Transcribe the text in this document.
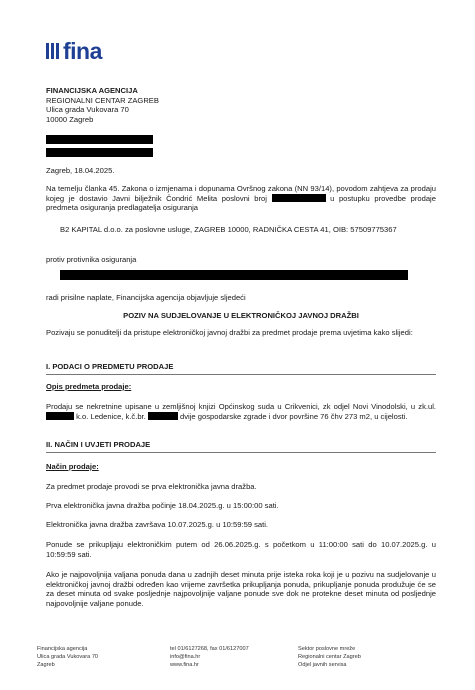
fina
FINANCIJSKA AGENCIJA
REGIONALNI CENTAR ZAGREB
Ulica grada Vukovara 70
10000 Zagreb
Zagreb, 18.04.2025.
Na temelju članka 45. Zakona o izmjenama i dopunama Ovršnog zakona (NN 93/14), povodom zahtjeva za prodaju kojeg je dostavio Javni bilježnik Čondrić Melita poslovni broj	u postupku provedbe prodaje predmeta osiguranja predlagatelja osiguranja
B2 KAPITAL d.o.o. za poslovne usluge, ZAGREB 10000, RADNIČKA CESTA 41, OIB: 57509775367
protiv protivnika osiguranja
radi prisilne naplate, Financijska agencija objavljuje sljedeći
POZIV NA SUDJELOVANJE U ELEKTRONIČKOJ JAVNOJ DRAŽBI
Pozivaju se ponuditelji da pristupe elektroničkoj javnoj dražbi za predmet prodaje prema uvjetima kako slijedi:
I. PODACI O PREDMETU PRODAJE
Opis predmeta prodaje:
Prodaju se nekretnine upisane u zemljišnoj knjizi Općinskog suda u Crikvenici, zk odjel Novi Vinodolski, u zk.ul.  k.o. Ledenice, k.č.br.	dvije gospodarske zgrade i dvor površine 76 čhv 273 m2, u cijelosti.
II. NAČIN I UVJETI PRODAJE
Način prodaje:
Za predmet prodaje provodi se prva elektronička javna dražba.
Prva elektronička javna dražba počinje 18.04.2025.g. u 15:00:00 sati.
Elektronička javna dražba završava 10.07.2025.g. u 10:59:59 sati.
Ponude se prikupljaju elektroničkim putem od 26.06.2025.g. s početkom u 11:00:00 sati do 10.07.2025.g. u 10:59:59 sati.
Ako je najpovoljnija valjana ponuda dana u zadnjih deset minuta prije isteka roka koji je u pozivu na sudjelovanje u elektroničkoj javnoj dražbi određen kao vrijeme završetka prikupljanja ponuda, prikupljanje ponuda produžuje će se za deset minuta od svake posljednje najpovoljnije valjane ponude sve dok ne protekne deset minuta od posljednje najpovoljnije valjane ponude.
Financijska agencija
Ulica grada Vukovara 70
Zagreb
tel 01/6127268, fax 01/6127007
info@fina.hr
www.fina.hr
Sektor poslovne mreže
Regionalni centar Zagreb
Odjel javnih servisa
